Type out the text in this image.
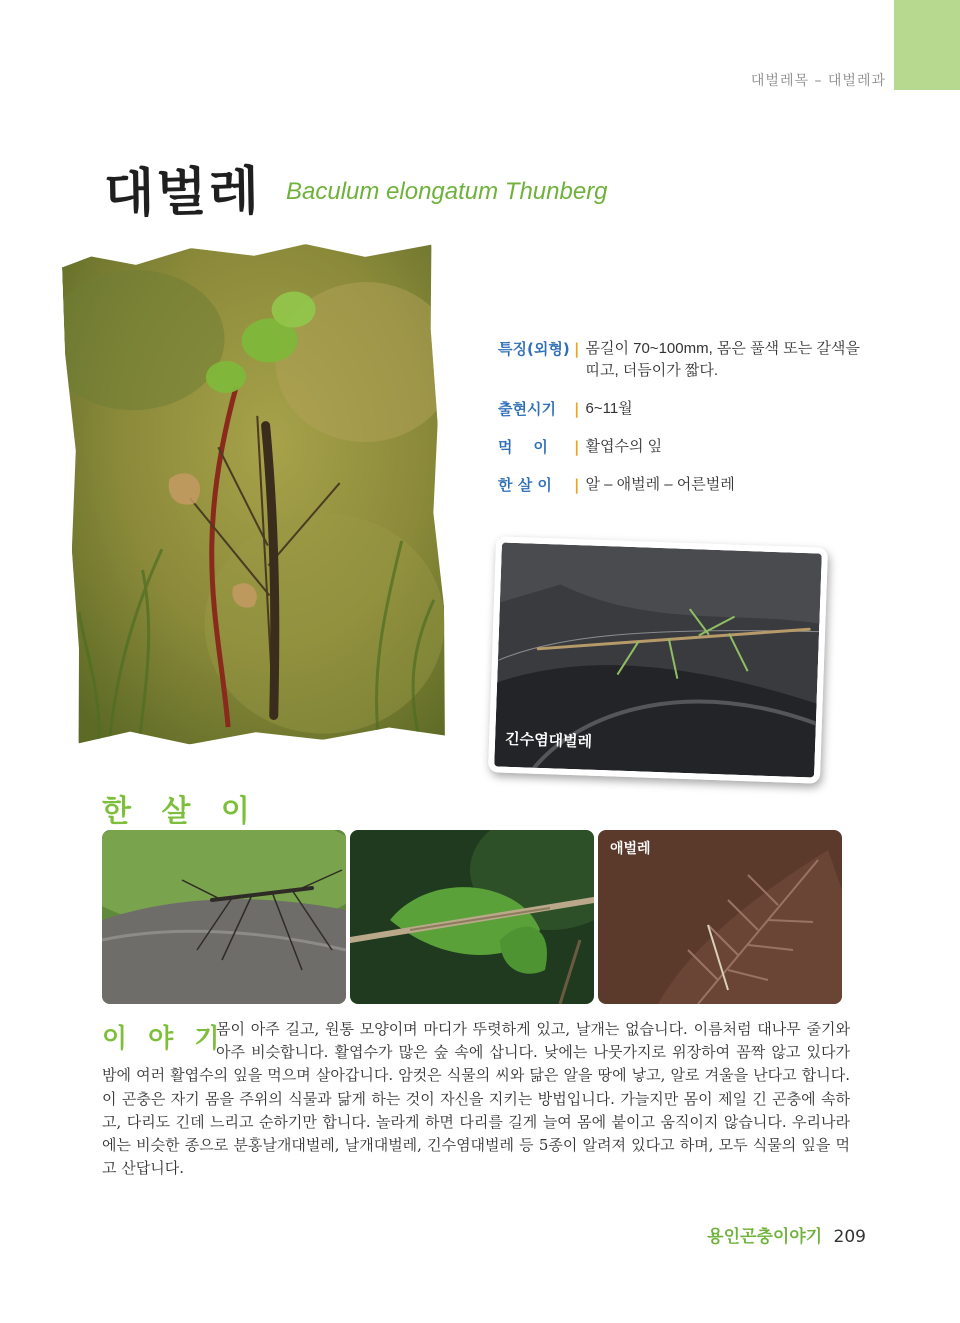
대벌레목 – 대벌레과
대벌레 Baculum elongatum Thunberg
특징(외형) | 몸길이 70~100mm, 몸은 풀색 또는 갈색을 띠고, 더듬이가 짧다.
출현시기	| 6~11월
먹    이	| 활엽수의 잎
한 살 이	| 알 – 애벌레 – 어른벌레
긴수염대벌레
한 살 이
애벌레
이 야 기
몸이 아주 길고, 원통 모양이며 마디가 뚜렷하게 있고, 날개는 없습니다. 이름처럼 대나무 줄기와 아주 비슷합니다. 활엽수가 많은 숲 속에 삽니다. 낮에는 나뭇가지로 위장하여 꼼짝 않고 있다가 밤에 여러 활엽수의 잎을 먹으며 살아갑니다. 암컷은 식물의 씨와 닮은 알을 땅에 낳고, 알로 겨울을 난다고 합니다. 이 곤충은 자기 몸을 주위의 식물과 닮게 하는 것이 자신을 지키는 방법입니다. 가늘지만 몸이 제일 긴 곤충에 속하고, 다리도 긴데 느리고 순하기만 합니다. 놀라게 하면 다리를 길게 늘여 몸에 붙이고 움직이지 않습니다. 우리나라에는 비슷한 종으로 분홍날개대벌레, 날개대벌레, 긴수염대벌레 등 5종이 알려져 있다고 하며, 모두 식물의 잎을 먹고 산답니다.
용인곤충이야기 209
